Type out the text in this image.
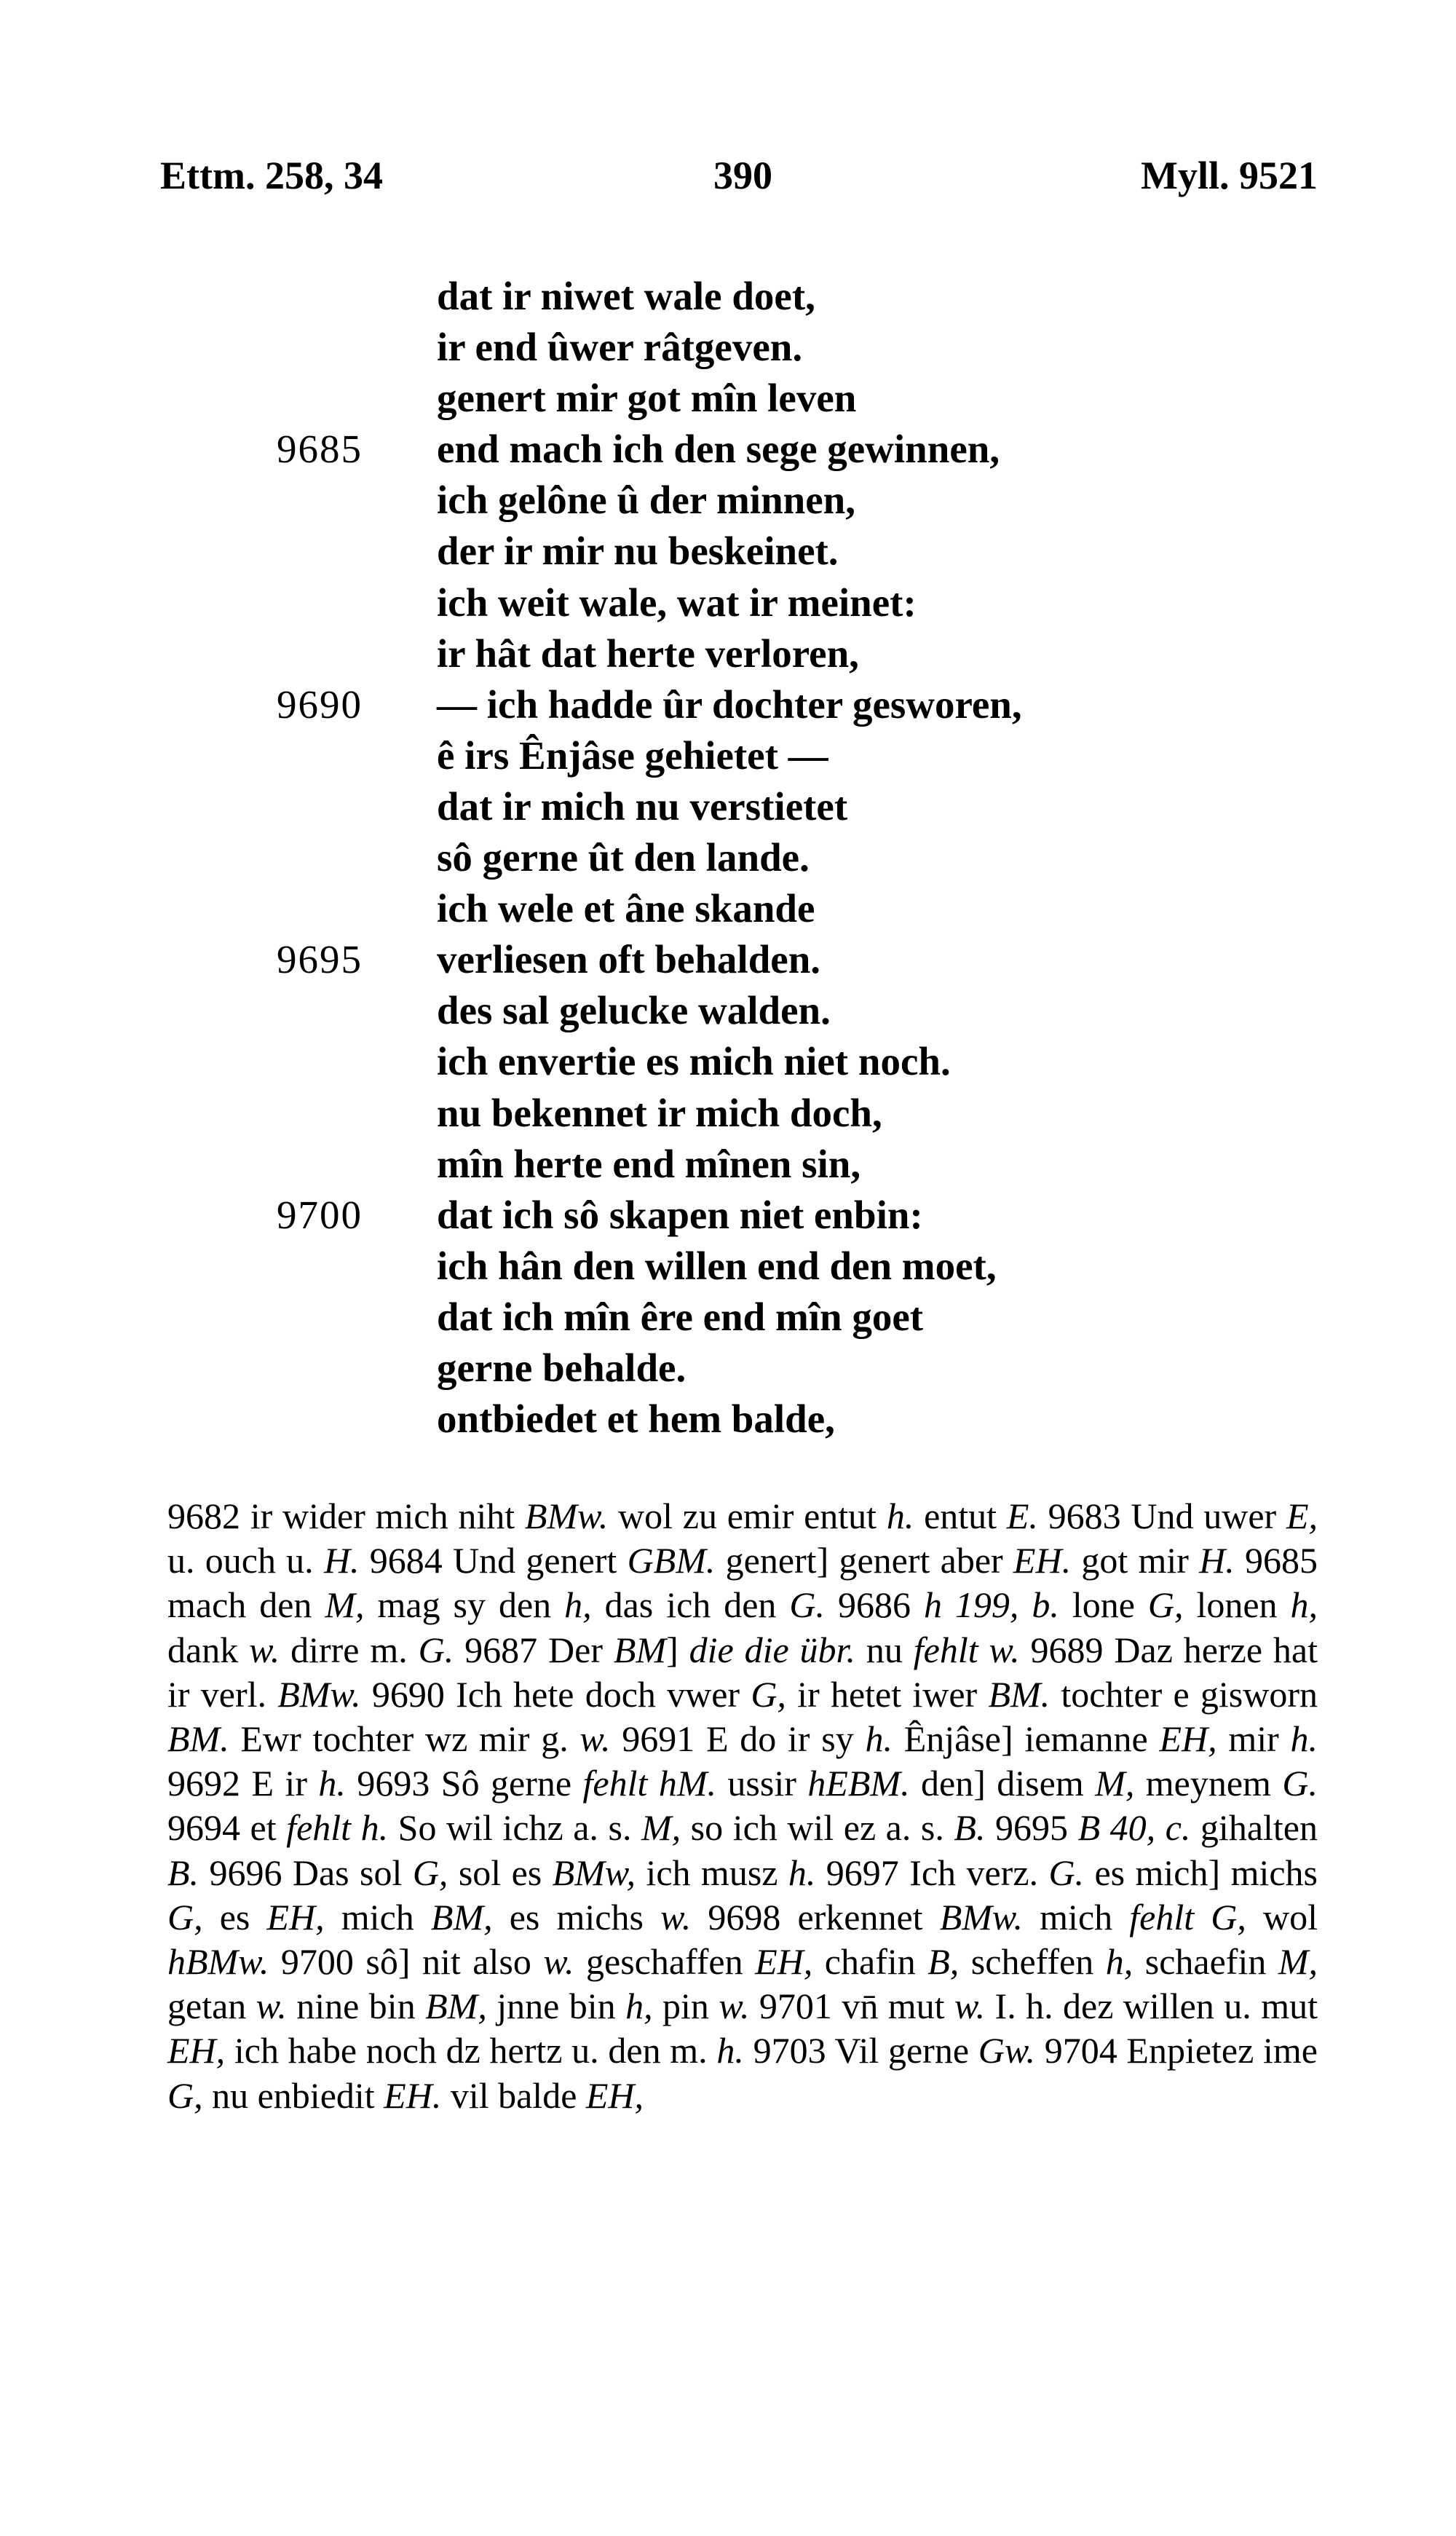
Ettm. 258, 34	390	Myll. 9521
dat ir niwet wale doet,
ir end ûwer râtgeven.
genert mir got mîn leven
9685	end mach ich den sege gewinnen,
ich gelône û der minnen,
der ir mir nu beskeinet.
ich weit wale, wat ir meinet:
ir hât dat herte verloren,
9690	— ich hadde ûr dochter gesworen,
ê irs Ênjâse gehietet —
dat ir mich nu verstietet
sô gerne ût den lande.
ich wele et âne skande
9695	verliesen oft behalden.
des sal gelucke walden.
ich envertie es mich niet noch.
nu bekennet ir mich doch,
mîn herte end mînen sin,
9700	dat ich sô skapen niet enbin:
ich hân den willen end den moet,
dat ich mîn êre end mîn goet
gerne behalde.
ontbiedet et hem balde,

9682 ir wider mich niht BMw. wol zu emir entut h. entut E. 9683 Und uwer E, u. ouch u. H. 9684 Und genert GBM. genert] genert aber EH. got mir H. 9685 mach den M, mag sy den h, das ich den G. 9686 h 199, b. lone G, lonen h, dank w. dirre m. G. 9687 Der BM] die die übr. nu fehlt w. 9689 Daz herze hat ir verl. BMw. 9690 Ich hete doch vwer G, ir hetet iwer BM. tochter e gisworn BM. Ewr tochter wz mir g. w. 9691 E do ir sy h. Ênjâse] iemanne EH, mir h. 9692 E ir h. 9693 Sô gerne fehlt hM. ussir hEBM. den] disem M, meynem G. 9694 et fehlt h. So wil ichz a. s. M, so ich wil ez a. s. B. 9695 B 40, c. gihalten B. 9696 Das sol G, sol es BMw, ich musz h. 9697 Ich verz. G. es mich] michs G, es EH, mich BM, es michs w. 9698 erkennet BMw. mich fehlt G, wol hBMw. 9700 sô] nit also w. geschaffen EH, chafin B, scheffen h, schaefin M, getan w. nine bin BM, jnne bin h, pin w. 9701 vn̄ mut w. I. h. dez willen u. mut EH, ich habe noch dz hertz u. den m. h. 9703 Vil gerne Gw. 9704 Enpietez ime G, nu enbiedit EH. vil balde EH,
